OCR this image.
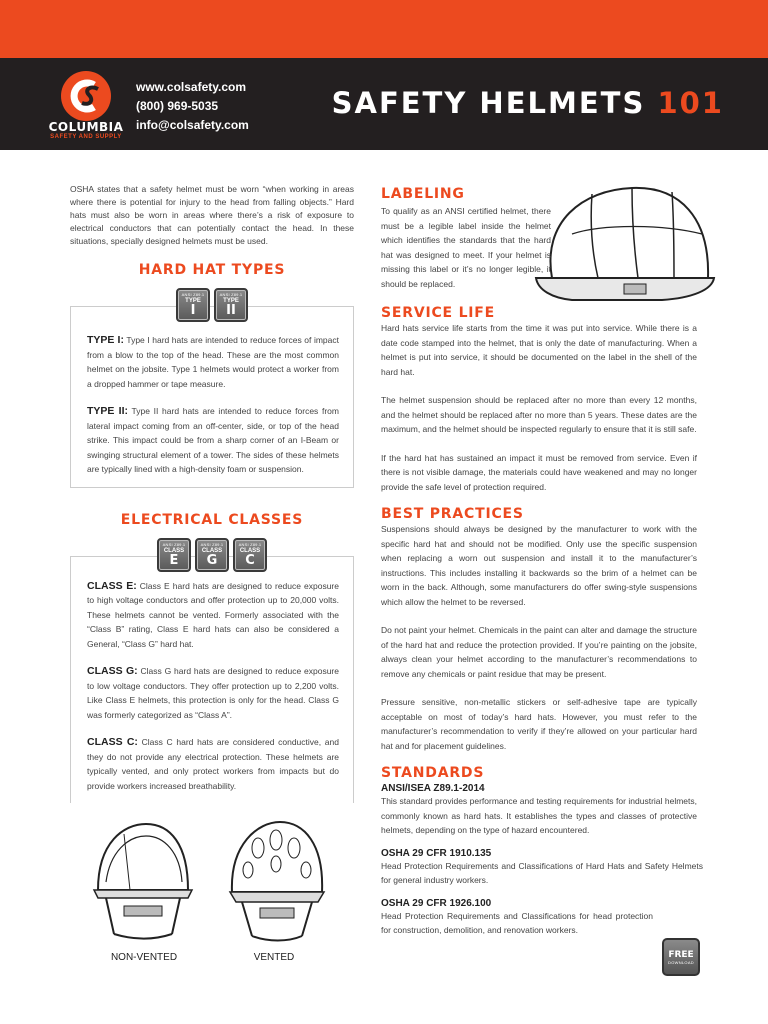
COLUMBIA
SAFETY AND SUPPLY
www.colsafety.com
(800) 969-5035
info@colsafety.com
SAFETY HELMETS 101

OSHA states that a safety helmet must be worn “when working in areas where there is potential for injury to the head from falling objects.” Hard hats must also be worn in areas where there’s a risk of exposure to electrical conductors that can potentially contact the head. In these situations, specially designed helmets must be used.

HARD HAT TYPES
ANSI Z89.1
TYPE
I
ANSI Z89.1
TYPE
II

TYPE I: Type I hard hats are intended to reduce forces of impact from a blow to the top of the head. These are the most common helmet on the jobsite. Type 1 helmets would protect a worker from a dropped hammer or tape measure.

TYPE II: Type II hard hats are intended to reduce forces from lateral impact coming from an off-center, side, or top of the head strike. This impact could be from a sharp corner of an I-Beam or swinging structural element of a tower. The sides of these helmets are typically lined with a high-density foam or suspension.

ELECTRICAL CLASSES
ANSI Z89.1
CLASS
E
ANSI Z89.1
CLASS
G
ANSI Z89.1
CLASS
C

CLASS E: Class E hard hats are designed to reduce exposure to high voltage conductors and offer protection up to 20,000 volts. These helmets cannot be vented. Formerly associated with the “Class B” rating, Class E hard hats can also be considered a General, “Class G” hard hat.

CLASS G: Class G hard hats are designed to reduce exposure to low voltage conductors. They offer protection up to 2,200 volts. Like Class E helmets, this protection is only for the head. Class G was formerly categorized as “Class A”.

CLASS C: Class C hard hats are considered conductive, and they do not provide any electrical protection. These helmets are typically vented, and only protect workers from impacts but do provide workers increased breathability.

NON-VENTED	VENTED
LABELING

To qualify as an ANSI certified helmet, there must be a legible label inside the helmet which identifies the standards that the hard hat was designed to meet. If your helmet is missing this label or it’s no longer legible, it should be replaced.

SERVICE LIFE

Hard hats service life starts from the time it was put into service. While there is a date code stamped into the helmet, that is only the date of manufacturing. When a helmet is put into service, it should be documented on the label in the shell of the hard hat.

The helmet suspension should be replaced after no more than every 12 months, and the helmet should be replaced after no more than 5 years. These dates are the maximum, and the helmet should be inspected regularly to ensure that it is still safe.

If the hard hat has sustained an impact it must be removed from service. Even if there is not visible damage, the materials could have weakened and may no longer provide the safe level of protection required.

BEST PRACTICES

Suspensions should always be designed by the manufacturer to work with the specific hard hat and should not be modified. Only use the specific suspension when replacing a worn out suspension and install it to the manufacturer’s instructions. This includes installing it backwards so the brim of a helmet can be worn in the back. Although, some manufacturers do offer swing-style suspensions which allow the helmet to be reversed.

Do not paint your helmet. Chemicals in the paint can alter and damage the structure of the hard hat and reduce the protection provided. If you’re painting on the jobsite, always clean your helmet according to the manufacturer’s recommendations to remove any chemicals or paint residue that may be present.

Pressure sensitive, non-metallic stickers or self-adhesive tape are typically acceptable on most of today’s hard hats. However, you must refer to the manufacturer’s recommendation to verify if they’re allowed on your particular hard hat and for placement guidelines.

STANDARDS
ANSI/ISEA Z89.1-2014

This standard provides performance and testing requirements for industrial helmets, commonly known as hard hats. It establishes the types and classes of protective helmets, depending on the type of hazard encountered.

OSHA 29 CFR 1910.135

Head Protection Requirements and Classifications of Hard Hats and Safety Helmets for general industry workers.

OSHA 29 CFR 1926.100

Head Protection Requirements and Classifications for head protection for construction, demolition, and renovation workers.

FREE
DOWNLOAD
